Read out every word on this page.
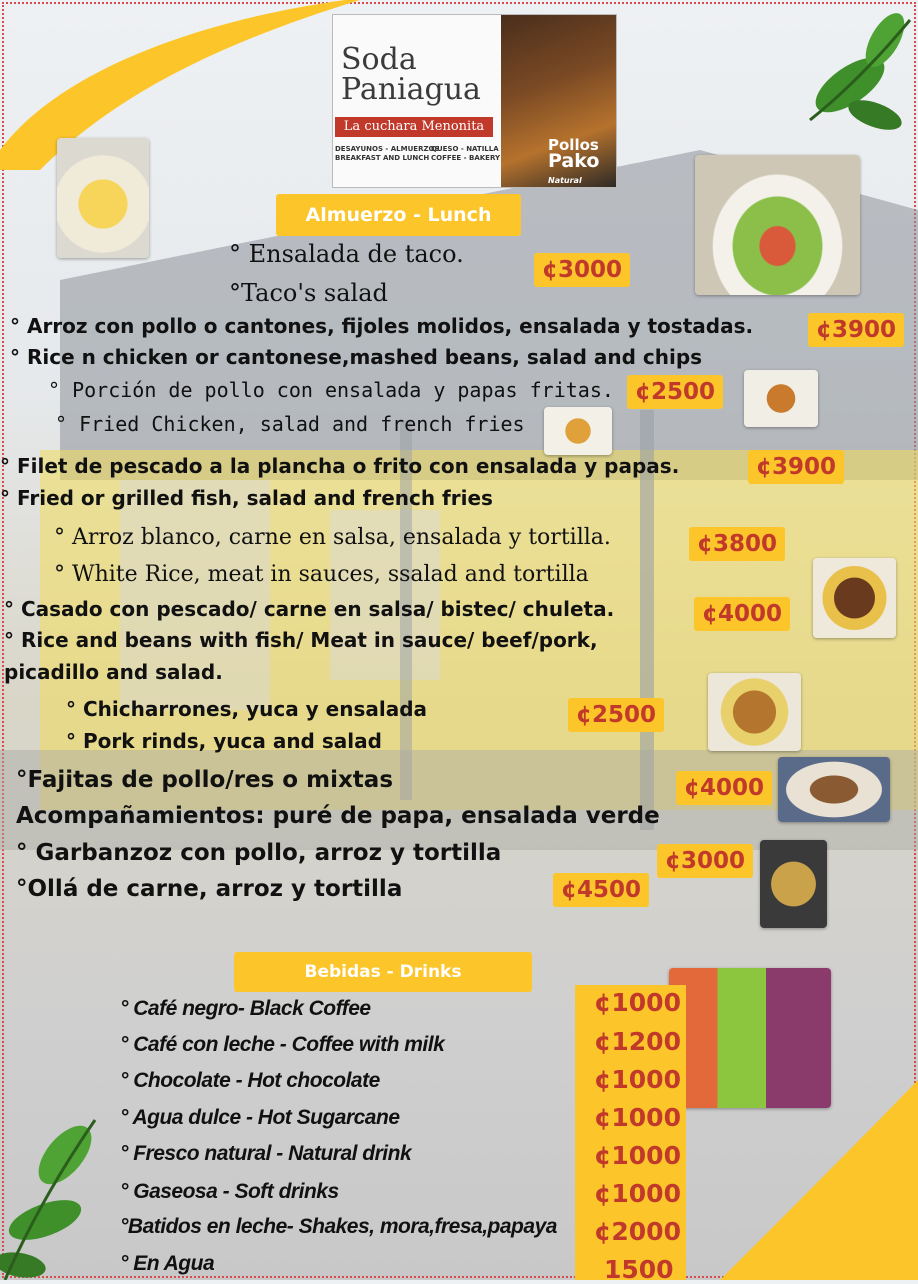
Soda
Paniagua
La cuchara Menonita
DESAYUNOS - ALMUERZOS
BREAKFAST AND LUNCH
QUESO - NATILLA
COFFEE - BAKERY
Pollos
Pako
Natural
Almuerzo - Lunch
° Ensalada de taco.
°Taco's salad
¢3000
° Arroz con pollo o cantones, fijoles molidos, ensalada y tostadas.
° Rice n chicken or cantonese,mashed beans, salad and chips
¢3900
° Porción de pollo con ensalada y papas fritas.
° Fried Chicken, salad and french fries
¢2500
° Filet de pescado a la plancha o frito con ensalada y papas.
° Fried or grilled fish, salad and french fries
¢3900
° Arroz blanco, carne en salsa, ensalada y tortilla.
° White Rice, meat in sauces, ssalad and tortilla
¢3800
° Casado con pescado/ carne en salsa/ bistec/ chuleta.
° Rice and beans with fish/ Meat in sauce/ beef/pork,
picadillo and salad.
¢4000
° Chicharrones, yuca y ensalada
° Pork rinds, yuca and salad
¢2500
°Fajitas de pollo/res o mixtas
Acompañamientos: puré de papa, ensalada verde
¢4000
° Garbanzoz con pollo, arroz y tortilla	¢3000
°Ollá de carne, arroz y tortilla	¢4500
Bebidas - Drinks
° Café negro- Black Coffee	¢1000
° Café con leche - Coffee with milk	¢1200
° Chocolate - Hot chocolate	¢1000
° Agua dulce - Hot Sugarcane	¢1000
° Fresco natural - Natural drink	¢1000
° Gaseosa - Soft drinks	¢1000
°Batidos en leche- Shakes, mora,fresa,papaya	¢2000
° En Agua	1500
